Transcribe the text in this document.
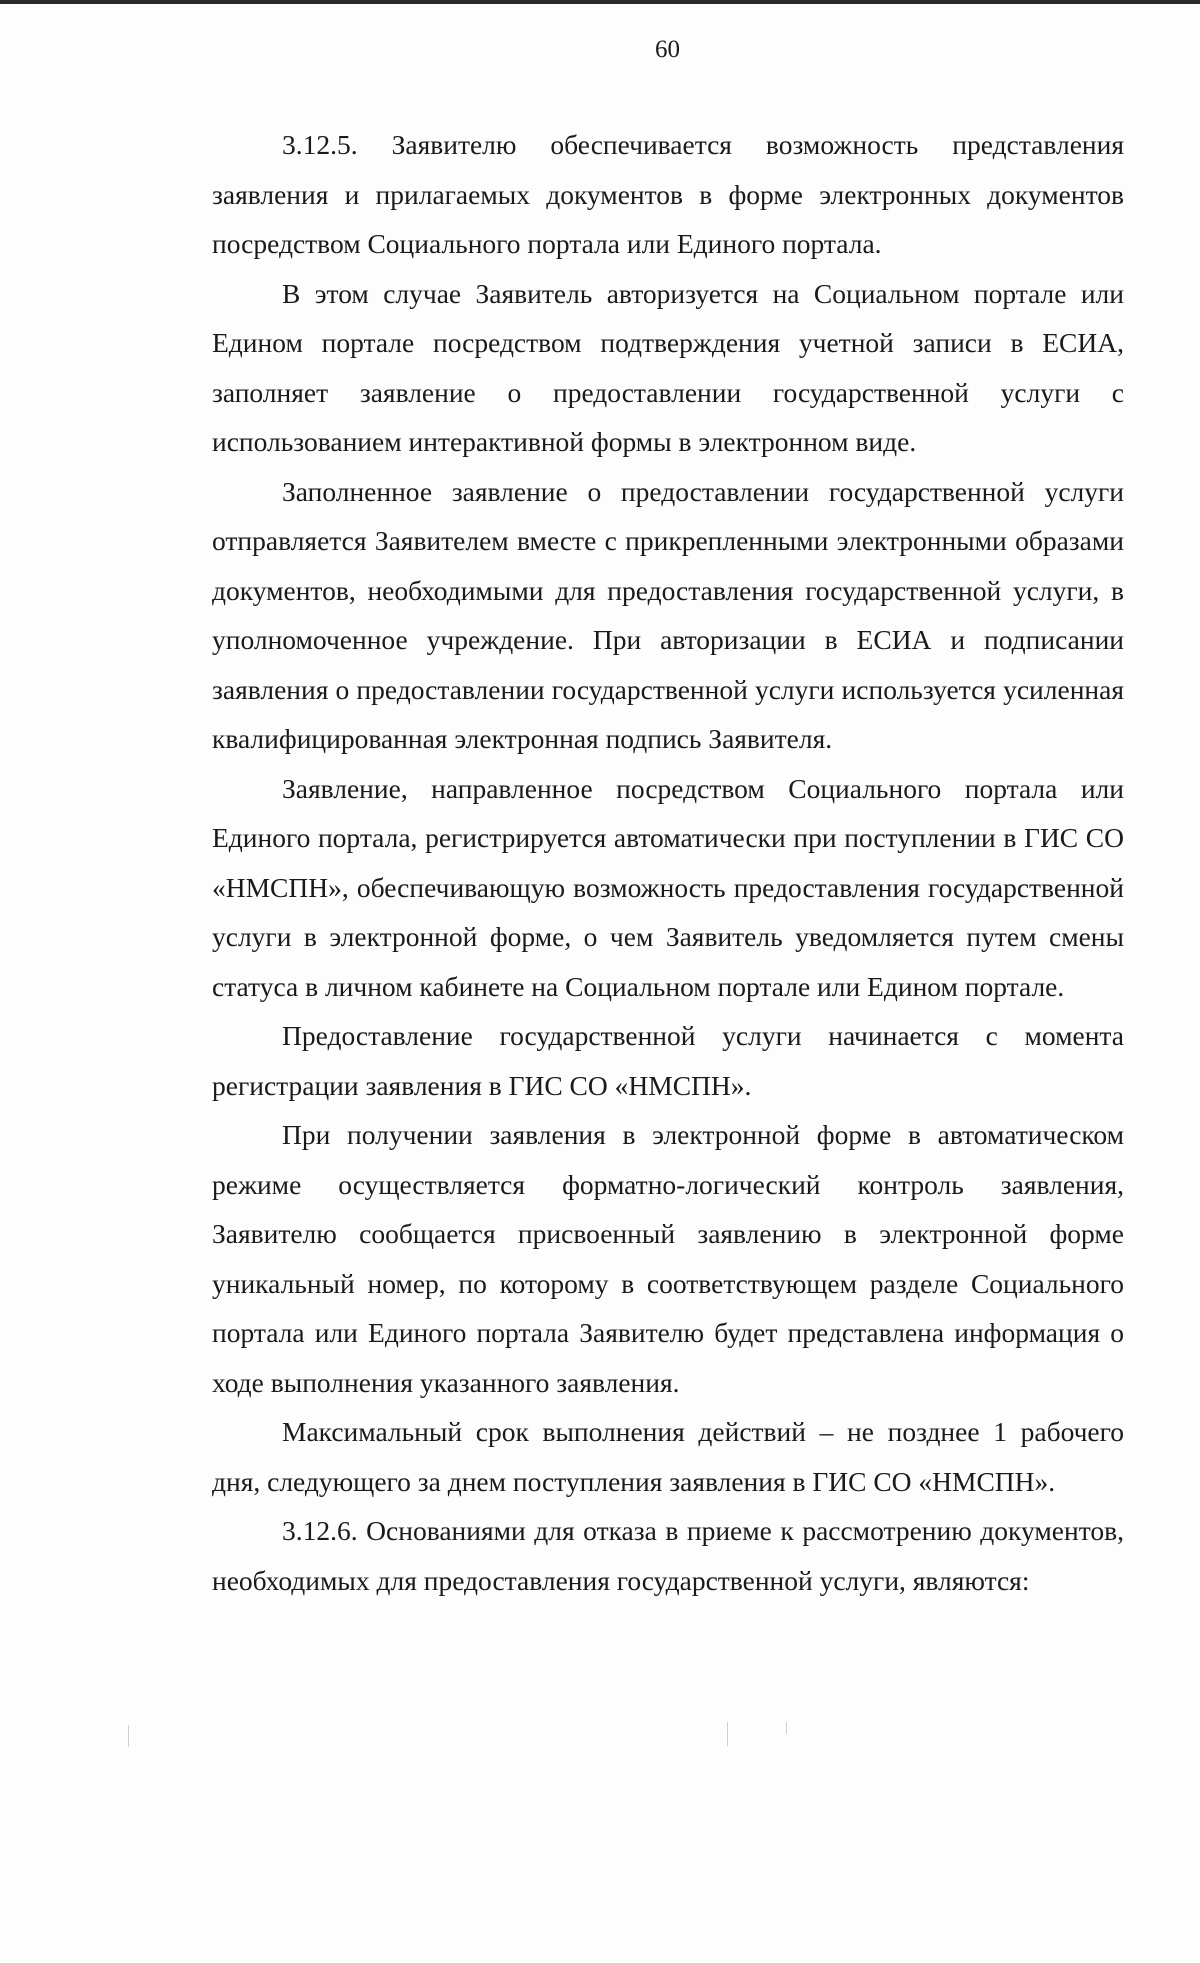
60

3.12.5. Заявителю обеспечивается возможность представления заявления и прилагаемых документов в форме электронных документов посредством Социального портала или Единого портала.

В этом случае Заявитель авторизуется на Социальном портале или Едином портале посредством подтверждения учетной записи в ЕСИА, заполняет заявление о предоставлении государственной услуги с использованием интерактивной формы в электронном виде.

Заполненное заявление о предоставлении государственной услуги отправляется Заявителем вместе с прикрепленными электронными образами документов, необходимыми для предоставления государственной услуги, в уполномоченное учреждение. При авторизации в ЕСИА и подписании заявления о предоставлении государственной услуги используется усиленная квалифицированная электронная подпись Заявителя.

Заявление, направленное посредством Социального портала или Единого портала, регистрируется автоматически при поступлении в ГИС СО «НМСПН», обеспечивающую возможность предоставления государственной услуги в электронной форме, о чем Заявитель уведомляется путем смены статуса в личном кабинете на Социальном портале или Едином портале.

Предоставление государственной услуги начинается с момента регистрации заявления в ГИС СО «НМСПН».

При получении заявления в электронной форме в автоматическом режиме осуществляется форматно-логический контроль заявления, Заявителю сообщается присвоенный заявлению в электронной форме уникальный номер, по которому в соответствующем разделе Социального портала или Единого портала Заявителю будет представлена информация о ходе выполнения указанного заявления.

Максимальный срок выполнения действий – не позднее 1 рабочего дня, следующего за днем поступления заявления в ГИС СО «НМСПН».

3.12.6. Основаниями для отказа в приеме к рассмотрению документов, необходимых для предоставления государственной услуги, являются:
